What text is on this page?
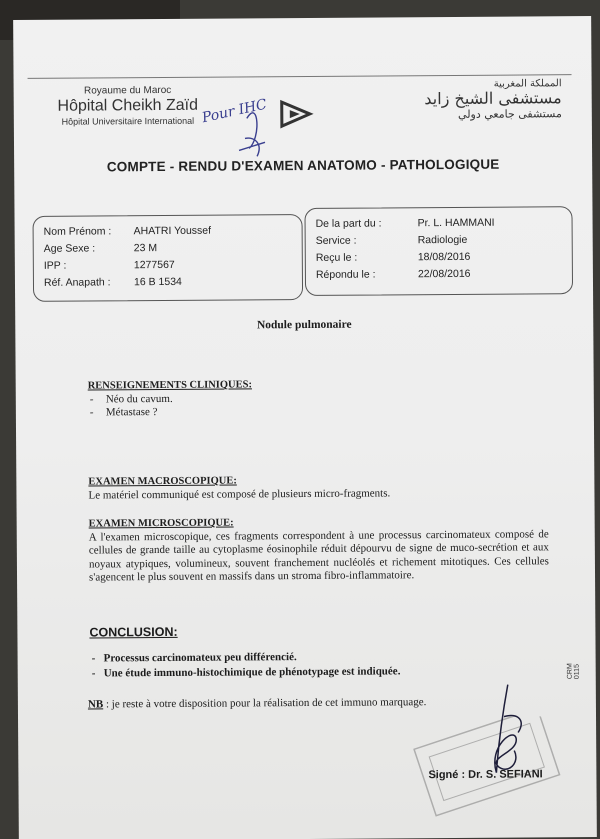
Royaume du Maroc
Hôpital Cheikh Zaïd
Hôpital Universitaire International Pour IHC
المملكة المغربية
مستشفى الشيخ زايد
مستشفى جامعي دولي
COMPTE - RENDU D'EXAMEN ANATOMO - PATHOLOGIQUE
Nom Prénom :	AHATRI Youssef
Age Sexe :	23 M
IPP :	1277567
Réf. Anapath :	16 B 1534
De la part du :	Pr. L. HAMMANI
Service :	Radiologie
Reçu le :	18/08/2016
Répondu le :	22/08/2016
Nodule pulmonaire
RENSEIGNEMENTS CLINIQUES:
- Néo du cavum.
- Métastase ?
EXAMEN MACROSCOPIQUE:
Le matériel communiqué est composé de plusieurs micro-fragments.
EXAMEN MICROSCOPIQUE:
A l'examen microscopique, ces fragments correspondent à une processus carcinomateux composé de cellules de grande taille au cytoplasme éosinophile réduit dépourvu de signe de muco-secrétion et aux noyaux atypiques, volumineux, souvent franchement nucléolés et richement mitotiques. Ces cellules s'agencent le plus souvent en massifs dans un stroma fibro-inflammatoire.
CONCLUSION:
- Processus carcinomateux peu différencié.
- Une étude immuno-histochimique de phénotypage est indiquée.
NB : je reste à votre disposition pour la réalisation de cet immuno marquage.
Signé : Dr. S. SEFIANI
CRM 0115
